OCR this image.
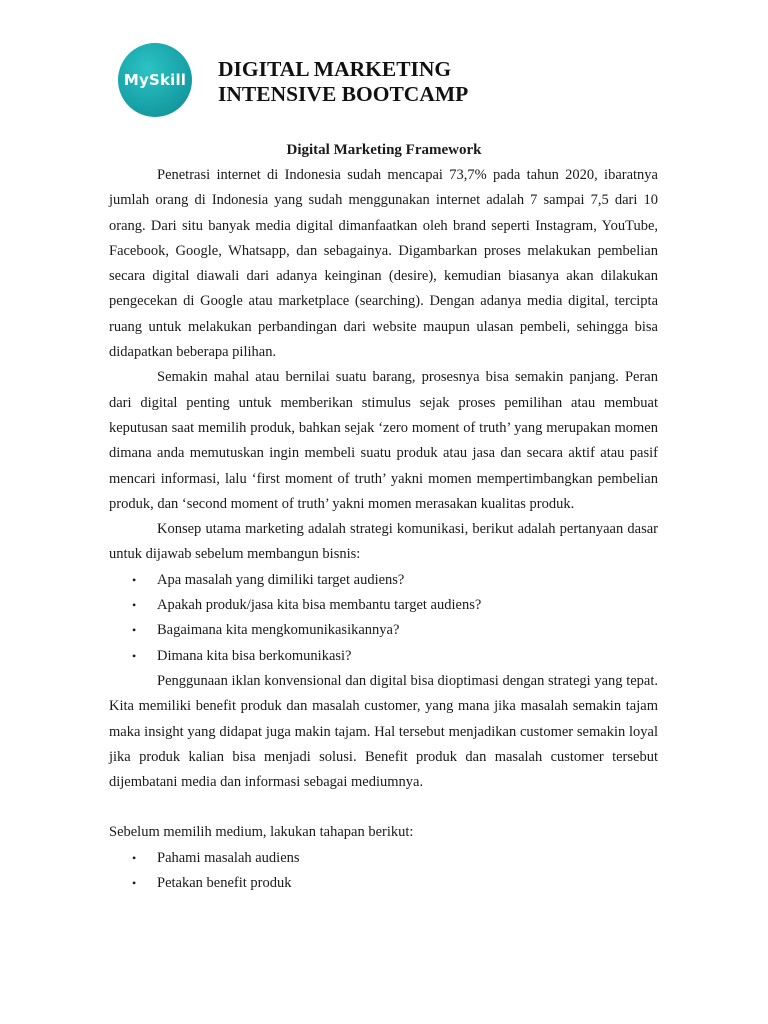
MySkill DIGITAL MARKETING
INTENSIVE BOOTCAMP
Digital Marketing Framework

Penetrasi internet di Indonesia sudah mencapai 73,7% pada tahun 2020, ibaratnya jumlah orang di Indonesia yang sudah menggunakan internet adalah 7 sampai 7,5 dari 10 orang. Dari situ banyak media digital dimanfaatkan oleh brand seperti Instagram, YouTube, Facebook, Google, Whatsapp, dan sebagainya. Digambarkan proses melakukan pembelian secara digital diawali dari adanya keinginan (desire), kemudian biasanya akan dilakukan pengecekan di Google atau marketplace (searching). Dengan adanya media digital, tercipta ruang untuk melakukan perbandingan dari website maupun ulasan pembeli, sehingga bisa didapatkan beberapa pilihan.

Semakin mahal atau bernilai suatu barang, prosesnya bisa semakin panjang. Peran dari digital penting untuk memberikan stimulus sejak proses pemilihan atau membuat keputusan saat memilih produk, bahkan sejak ‘zero moment of truth’ yang merupakan momen dimana anda memutuskan ingin membeli suatu produk atau jasa dan secara aktif atau pasif mencari informasi, lalu ‘first moment of truth’ yakni momen mempertimbangkan pembelian produk, dan ‘second moment of truth’ yakni momen merasakan kualitas produk.

Konsep utama marketing adalah strategi komunikasi, berikut adalah pertanyaan dasar untuk dijawab sebelum membangun bisnis:

• Apa masalah yang dimiliki target audiens?
• Apakah produk/jasa kita bisa membantu target audiens?
• Bagaimana kita mengkomunikasikannya?
• Dimana kita bisa berkomunikasi?

Penggunaan iklan konvensional dan digital bisa dioptimasi dengan strategi yang tepat. Kita memiliki benefit produk dan masalah customer, yang mana jika masalah semakin tajam maka insight yang didapat juga makin tajam. Hal tersebut menjadikan customer semakin loyal jika produk kalian bisa menjadi solusi. Benefit produk dan masalah customer tersebut dijembatani media dan informasi sebagai mediumnya.

Sebelum memilih medium, lakukan tahapan berikut:

• Pahami masalah audiens
• Petakan benefit produk
